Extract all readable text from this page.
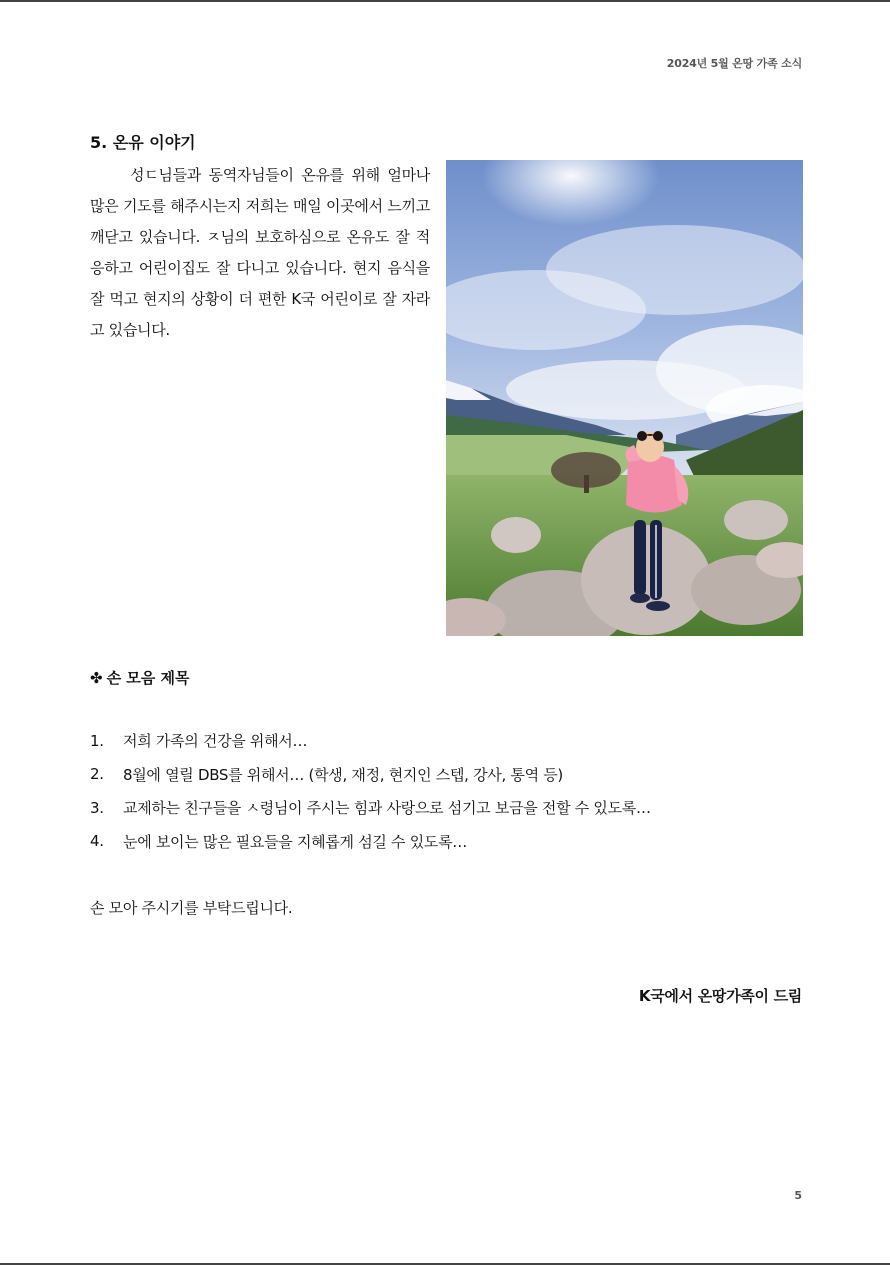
2024년 5월 온땅 가족 소식
5. 온유 이야기

성ㄷ님들과 동역자님들이 온유를 위해 얼마나 많은 기도를 해주시는지 저희는 매일 이곳에서 느끼고 깨닫고 있습니다. ㅈ님의 보호하심으로 온유도 잘 적응하고 어린이집도 잘 다니고 있습니다. 현지 음식을 잘 먹고 현지의 상황이 더 편한 K국 어린이로 잘 자라고 있습니다.

✤ 손 모음 제목
1.	저희 가족의 건강을 위해서…
2.	8월에 열릴 DBS를 위해서… (학생, 재정, 현지인 스텝, 강사, 통역 등)
3.	교제하는 친구들을 ㅅ령님이 주시는 힘과 사랑으로 섬기고 보금을 전할 수 있도록…
4.	눈에 보이는 많은 필요들을 지혜롭게 섬길 수 있도록…
손 모아 주시기를 부탁드립니다.
K국에서 온땅가족이 드림
5
